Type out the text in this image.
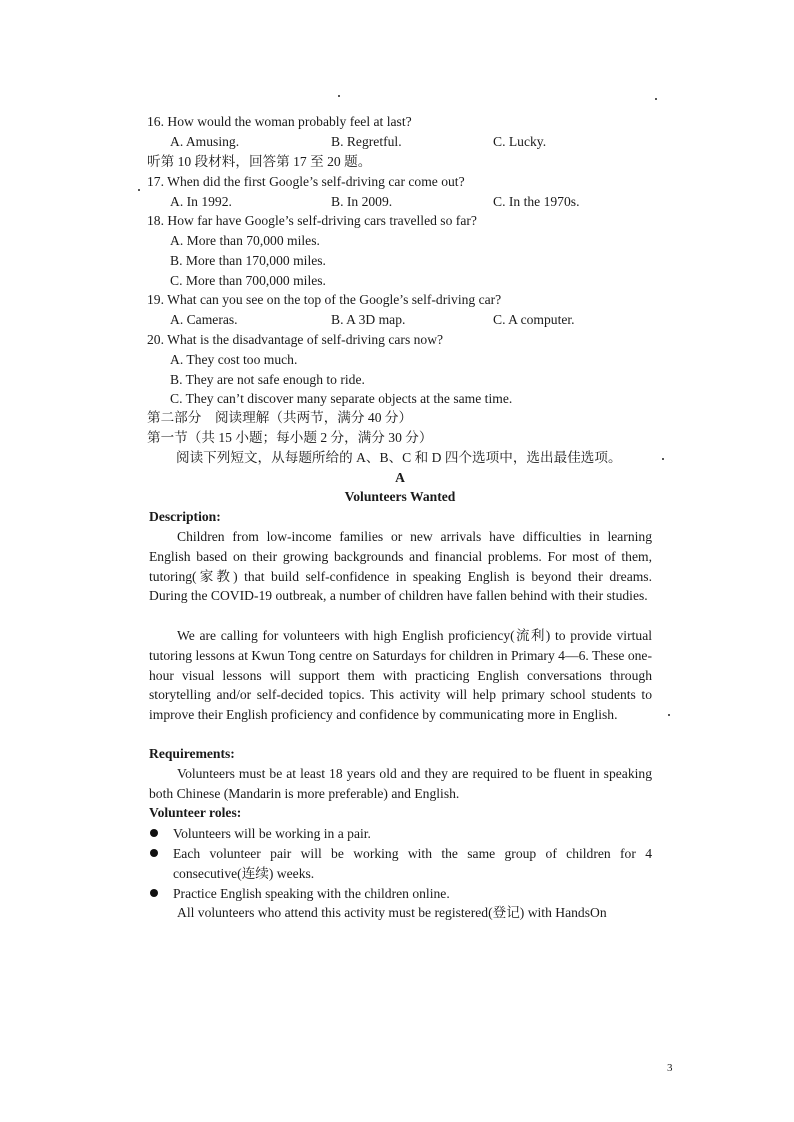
16. How would the woman probably feel at last?
A. Amusing.	B. Regretful.	C. Lucky.
听第 10 段材料，回答第 17 至 20 题。
17. When did the first Google’s self-driving car come out?
A. In 1992.	B. In 2009.	C. In the 1970s.
18. How far have Google’s self-driving cars travelled so far?
A. More than 70,000 miles.
B. More than 170,000 miles.
C. More than 700,000 miles.
19. What can you see on the top of the Google’s self-driving car?
A. Cameras.	B. A 3D map.	C. A computer.
20. What is the disadvantage of self-driving cars now?
A. They cost too much.
B. They are not safe enough to ride.
C. They can’t discover many separate objects at the same time.
第二部分　阅读理解（共两节，满分 40 分）
第一节（共 15 小题；每小题 2 分，满分 30 分）
阅读下列短文，从每题所给的 A、B、C 和 D 四个选项中，选出最佳选项。
A
Volunteers Wanted
Description:

Children from low-income families or new arrivals have difficulties in learning English based on their growing backgrounds and financial problems. For most of them, tutoring(家教) that build self-confidence in speaking English is beyond their dreams. During the COVID-19 outbreak, a number of children have fallen behind with their studies.

We are calling for volunteers with high English proficiency(流利) to provide virtual tutoring lessons at Kwun Tong centre on Saturdays for children in Primary 4—6. These one-hour visual lessons will support them with practicing English conversations through storytelling and/or self-decided topics. This activity will help primary school students to improve their English proficiency and confidence by communicating more in English.

Requirements:

Volunteers must be at least 18 years old and they are required to be fluent in speaking both Chinese (Mandarin is more preferable) and English.

Volunteer roles:
Volunteers will be working in a pair.
Each volunteer pair will be working with the same group of children for 4 consecutive(连续) weeks.
Practice English speaking with the children online.
All volunteers who attend this activity must be registered(登记) with HandsOn
3
